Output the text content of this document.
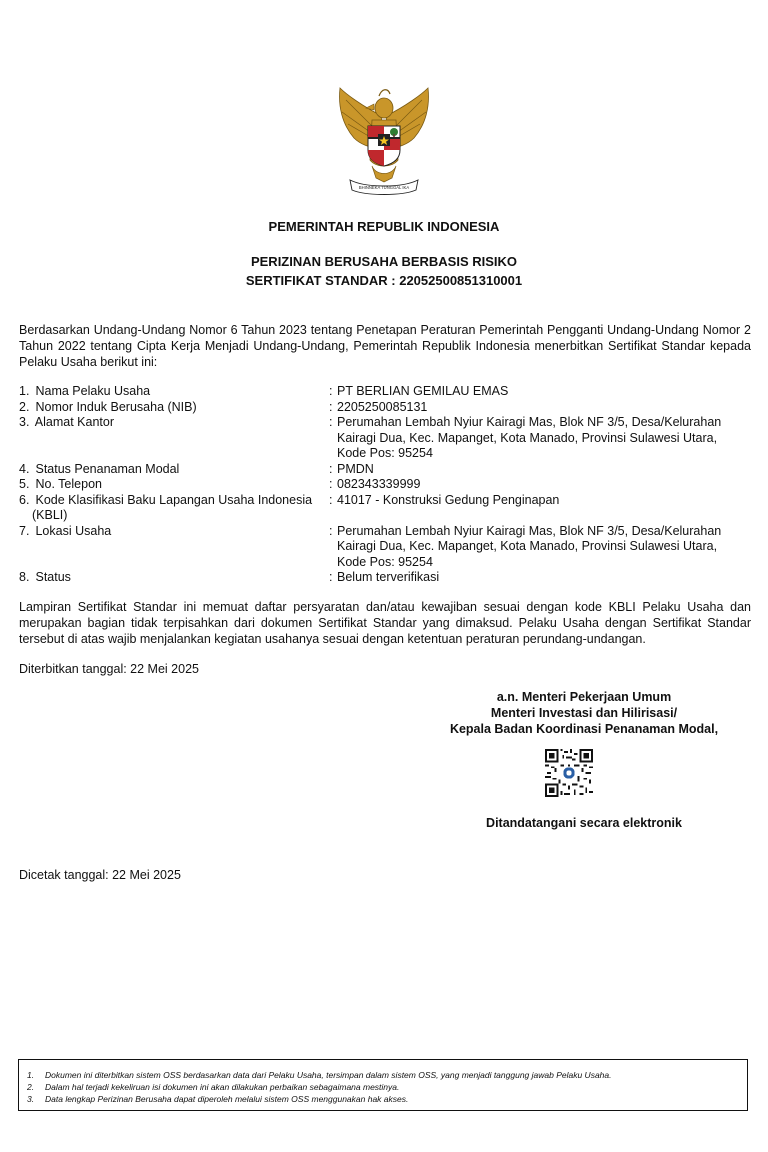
BHINNEKA TUNGGAL IKA
PEMERINTAH REPUBLIK INDONESIA
PERIZINAN BERUSAHA BERBASIS RISIKO
SERTIFIKAT STANDAR : 22052500851310001
Berdasarkan Undang-Undang Nomor 6 Tahun 2023 tentang Penetapan Peraturan Pemerintah Pengganti Undang-Undang Nomor 2 Tahun 2022 tentang Cipta Kerja Menjadi Undang-Undang, Pemerintah Republik Indonesia menerbitkan Sertifikat Standar kepada Pelaku Usaha berikut ini:
1. Nama Pelaku Usaha	: PT BERLIAN GEMILAU EMAS
2. Nomor Induk Berusaha (NIB)	: 2205250085131
3. Alamat Kantor	: Perumahan Lembah Nyiur Kairagi Mas, Blok NF 3/5, Desa/Kelurahan Kairagi Dua, Kec. Mapanget, Kota Manado, Provinsi Sulawesi Utara, Kode Pos: 95254
4. Status Penanaman Modal	: PMDN
5. No. Telepon	: 082343339999
6. Kode Klasifikasi Baku Lapangan Usaha Indonesia
(KBLI)
: 41017 - Konstruksi Gedung Penginapan
7. Lokasi Usaha	: Perumahan Lembah Nyiur Kairagi Mas, Blok NF 3/5, Desa/Kelurahan Kairagi Dua, Kec. Mapanget, Kota Manado, Provinsi Sulawesi Utara, Kode Pos: 95254
8. Status	: Belum terverifikasi
Lampiran Sertifikat Standar ini memuat daftar persyaratan dan/atau kewajiban sesuai dengan kode KBLI Pelaku Usaha dan merupakan bagian tidak terpisahkan dari dokumen Sertifikat Standar yang dimaksud. Pelaku Usaha dengan Sertifikat Standar tersebut di atas wajib menjalankan kegiatan usahanya sesuai dengan ketentuan peraturan perundang-undangan.
Diterbitkan tanggal: 22 Mei 2025
a.n. Menteri Pekerjaan Umum
Menteri Investasi dan Hilirisasi/
Kepala Badan Koordinasi Penanaman Modal,
Ditandatangani secara elektronik
Dicetak tanggal: 22 Mei 2025
1.	Dokumen ini diterbitkan sistem OSS berdasarkan data dari Pelaku Usaha, tersimpan dalam sistem OSS, yang menjadi tanggung jawab Pelaku Usaha.
2.	Dalam hal terjadi kekeliruan isi dokumen ini akan dilakukan perbaikan sebagaimana mestinya.
3.	Data lengkap Perizinan Berusaha dapat diperoleh melalui sistem OSS menggunakan hak akses.
